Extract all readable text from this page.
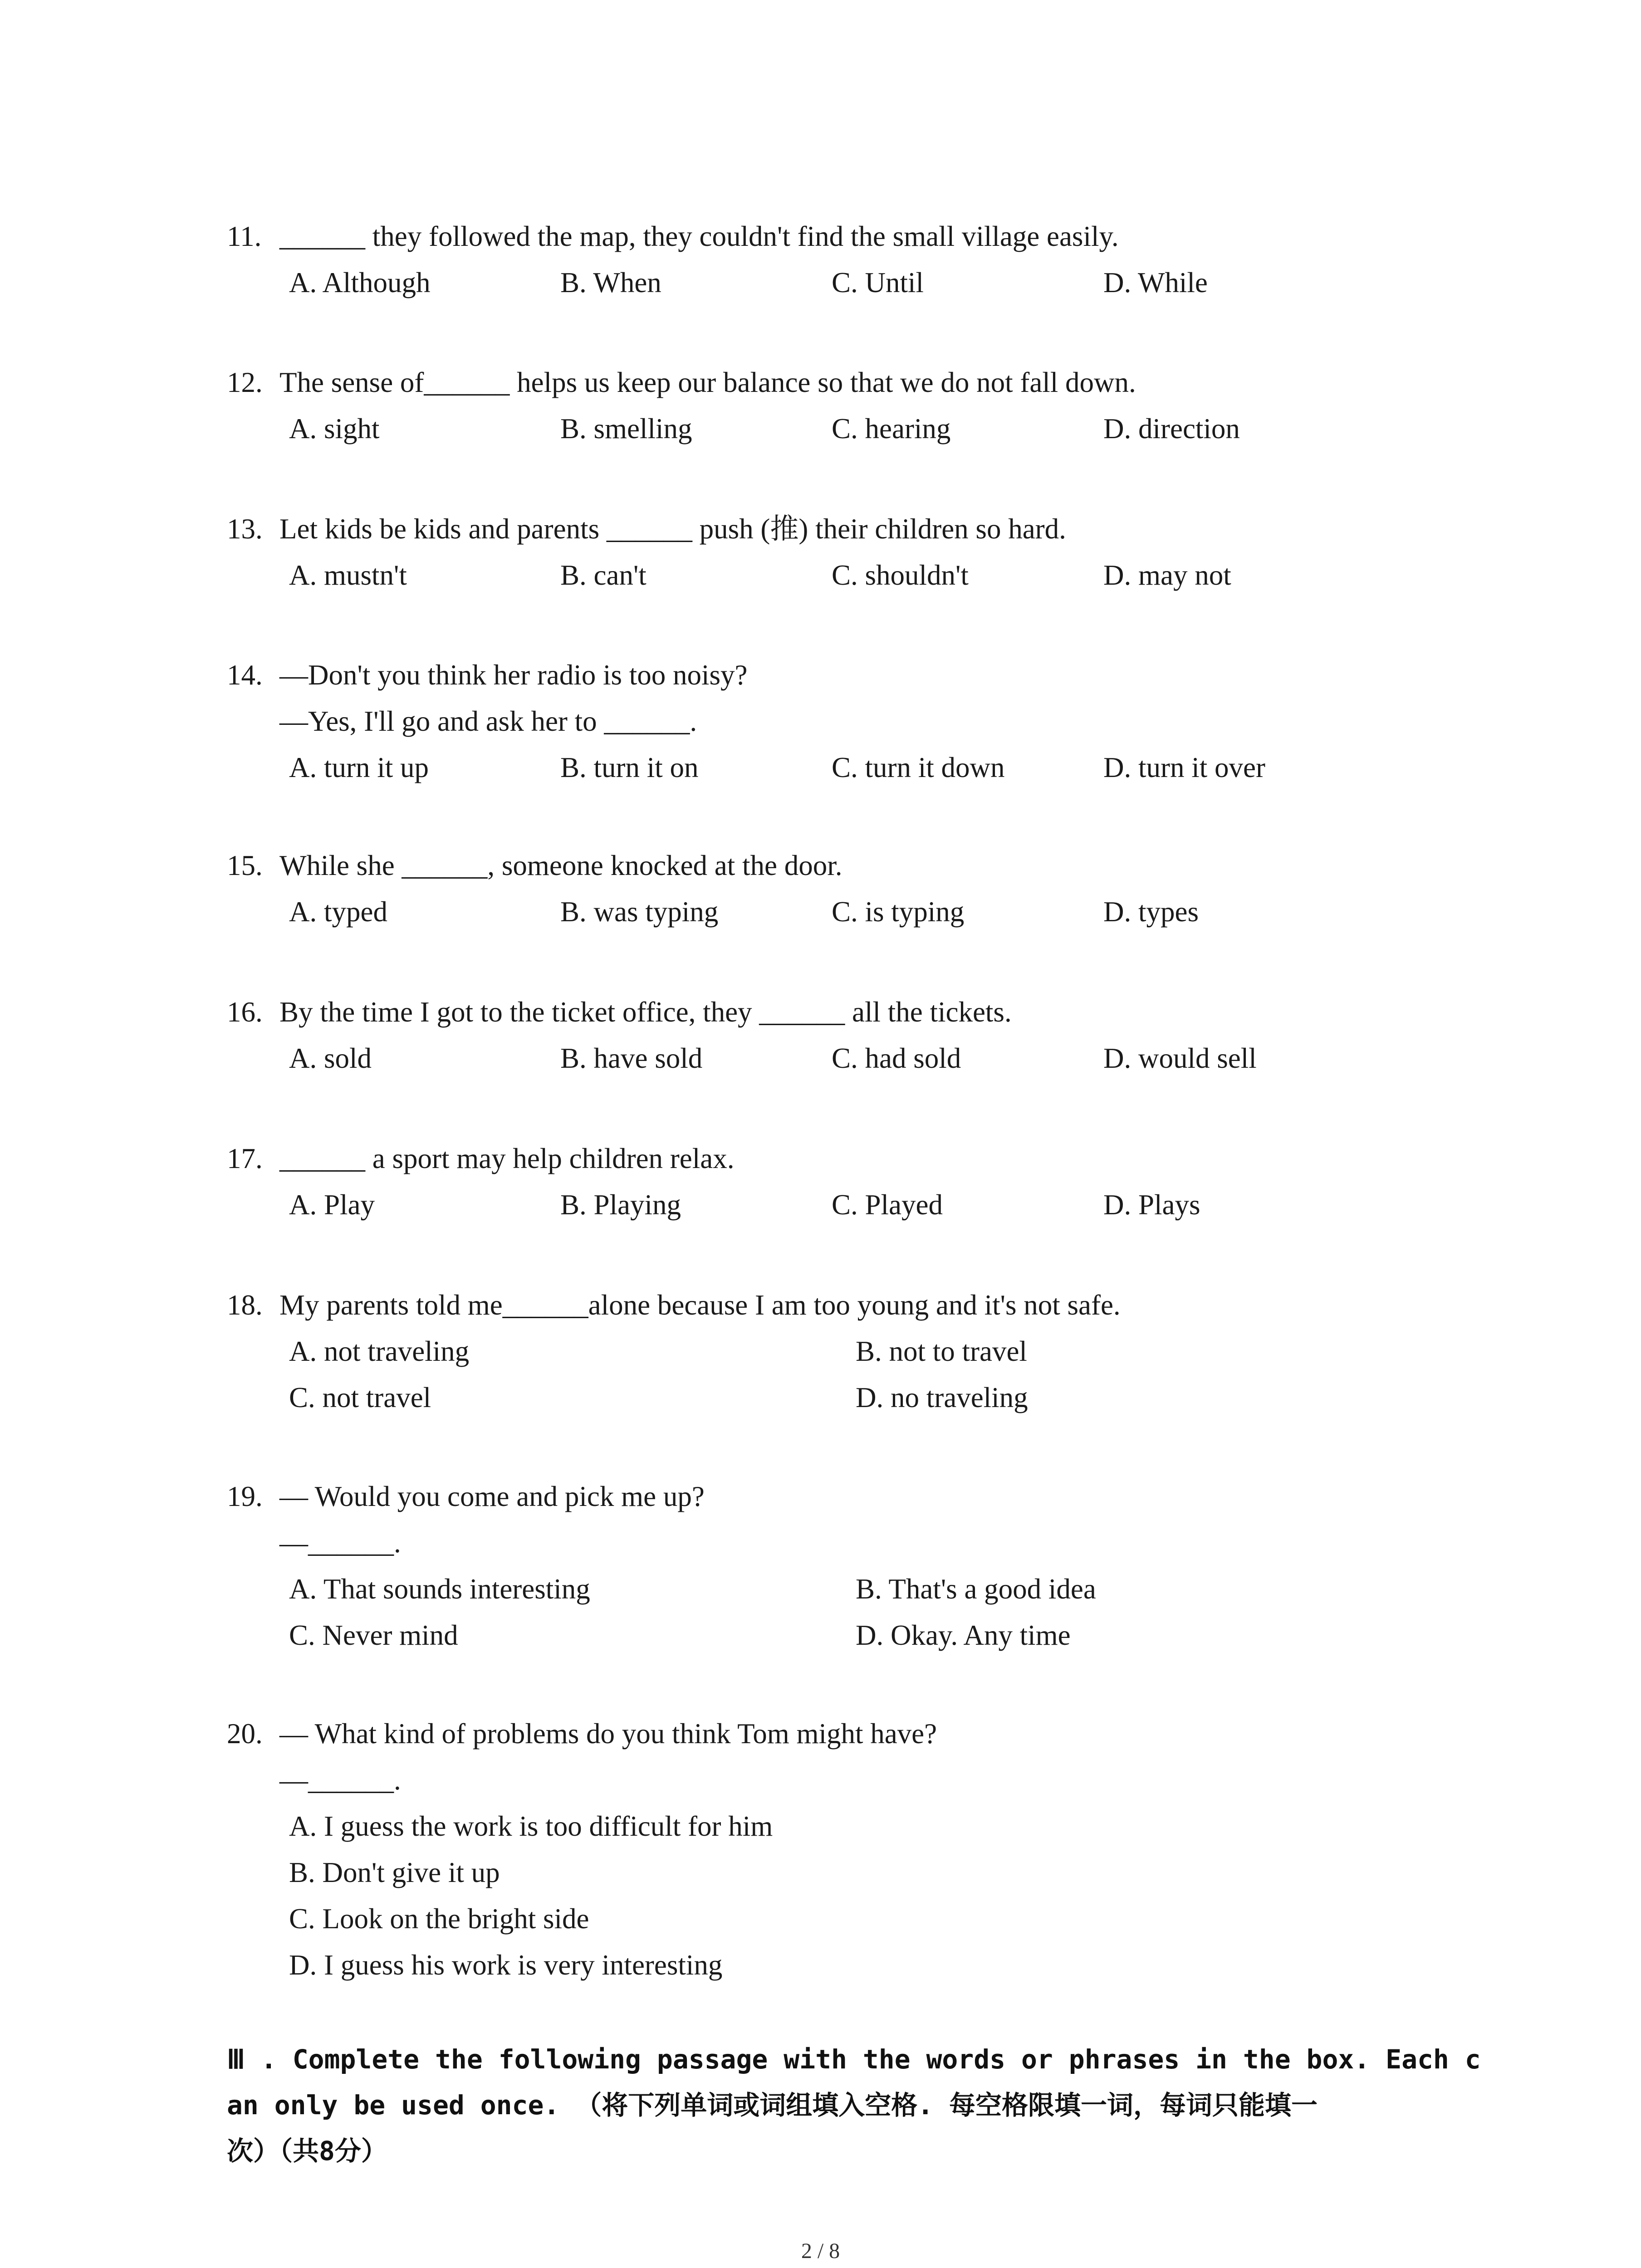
11. ______ they followed the map, they couldn't find the small village easily.
A. Although	B. When	C. Until	D. While
12. The sense of______ helps us keep our balance so that we do not fall down.
A. sight	B. smelling	C. hearing	D. direction
13. Let kids be kids and parents ______ push (推) their children so hard.
A. mustn't	B. can't	C. shouldn't	D. may not
14. —Don't you think her radio is too noisy?
—Yes, I'll go and ask her to ______.
A. turn it up	B. turn it on	C. turn it down	D. turn it over
15. While she ______, someone knocked at the door.
A. typed	B. was typing	C. is typing	D. types
16. By the time I got to the ticket office, they ______ all the tickets.
A. sold	B. have sold	C. had sold	D. would sell
17. ______ a sport may help children relax.
A. Play	B. Playing	C. Played	D. Plays
18. My parents told me______alone because I am too young and it's not safe.
A. not traveling	B. not to travel
C. not travel	D. no traveling
19. — Would you come and pick me up?
—______.
A. That sounds interesting	B. That's a good idea
C. Never mind	D. Okay. Any time
20. — What kind of problems do you think Tom might have?
—______.
A. I guess the work is too difficult for him
B. Don't give it up
C. Look on the bright side
D. I guess his work is very interesting
Ⅲ . Complete the following passage with the words or phrases in the box. Each c
an only be used once. （将下列单词或词组填入空格. 每空格限填一词，每词只能填一
次）（共8分）
2 / 8
